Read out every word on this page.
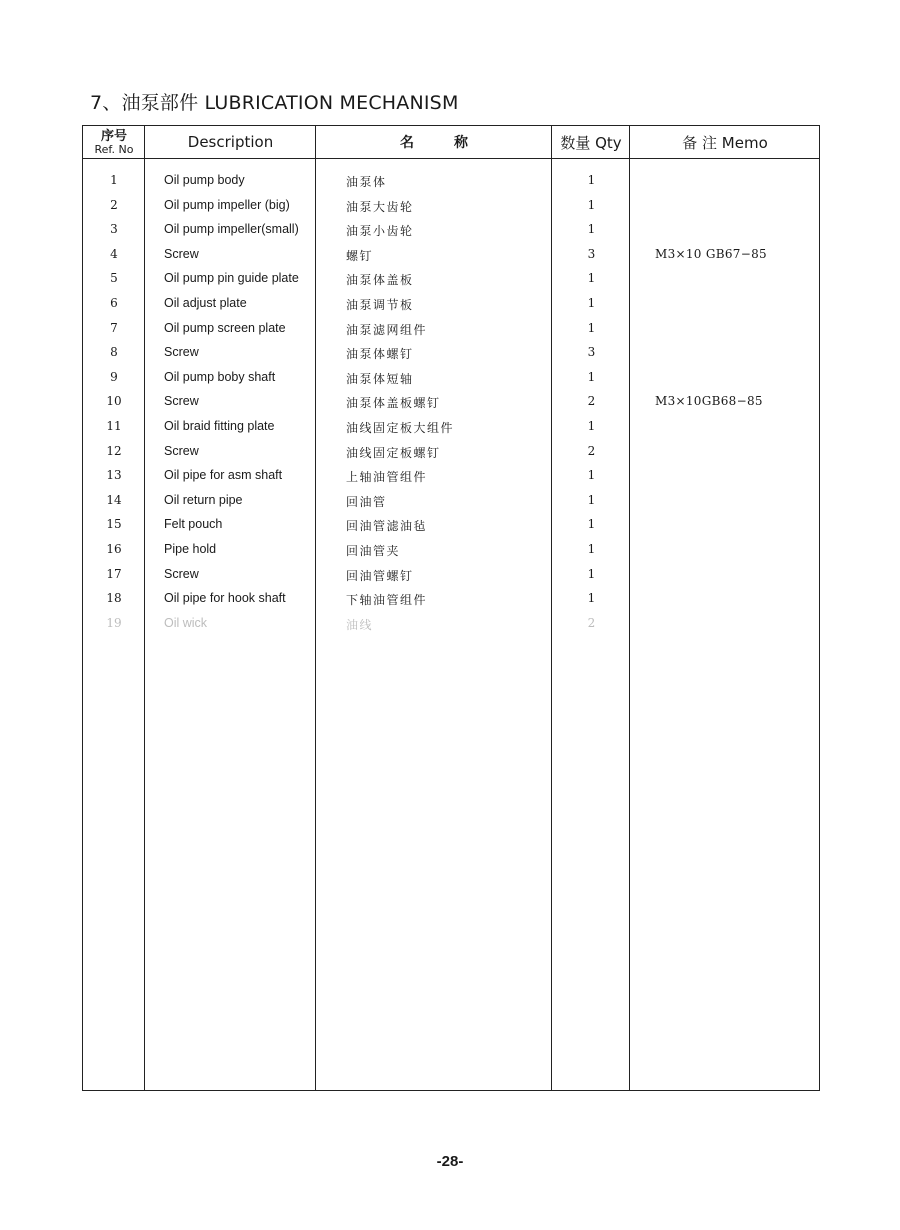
7、油泵部件 LUBRICATION MECHANISM
序号
Ref. No	Description	名称	数量 Qty	备 注 Memo
1	Oil pump body	油泵体	1
2	Oil pump impeller (big)	油泵大齿轮	1
3	Oil pump impeller(small)	油泵小齿轮	1
4	Screw	螺钉	3	M3×10 GB67−85
5	Oil pump pin guide plate	油泵体盖板	1
6	Oil adjust plate	油泵调节板	1
7	Oil pump screen plate	油泵滤网组件	1
8	Screw	油泵体螺钉	3
9	Oil pump boby shaft	油泵体短轴	1
10	Screw	油泵体盖板螺钉	2	M3×10GB68−85
11	Oil braid fitting plate	油线固定板大组件	1
12	Screw	油线固定板螺钉	2
13	Oil pipe for asm shaft	上轴油管组件	1
14	Oil return pipe	回油管	1
15	Felt pouch	回油管滤油毡	1
16	Pipe hold	回油管夹	1
17	Screw	回油管螺钉	1
18	Oil pipe for hook shaft	下轴油管组件	1
19	Oil wick	油线	2
-28-
